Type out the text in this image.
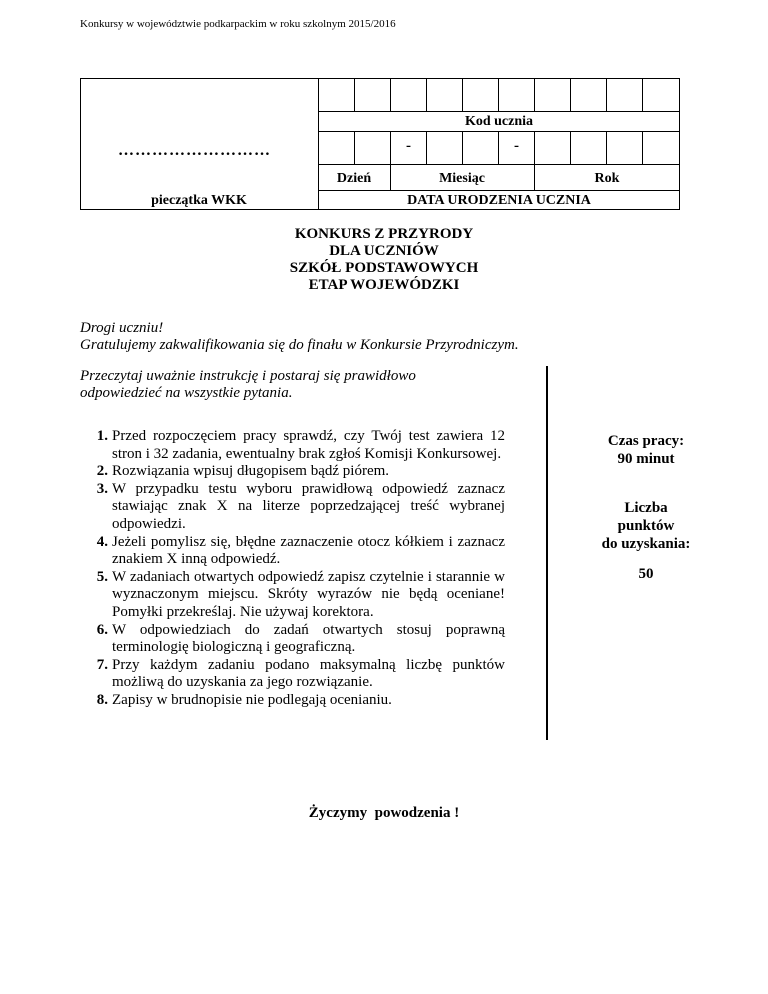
Konkursy w województwie podkarpackim w roku szkolnym 2015/2016
Kod ucznia
-	-
Dzień	Miesiąc	Rok
DATA URODZENIA UCZNIA
………………………
pieczątka WKK
KONKURS Z PRZYRODY
DLA UCZNIÓW
SZKÓŁ PODSTAWOWYCH
ETAP WOJEWÓDZKI
Drogi uczniu!
Gratulujemy zakwalifikowania się do finału w Konkursie Przyrodniczym.
Przeczytaj uważnie instrukcję i postaraj się prawidłowo
odpowiedzieć na wszystkie pytania.
1. Przed rozpoczęciem pracy sprawdź, czy Twój test zawiera 12 stron i 32 zadania, ewentualny brak zgłoś Komisji Konkursowej.
2. Rozwiązania wpisuj długopisem bądź piórem.
3. W przypadku testu wyboru prawidłową odpowiedź zaznacz stawiając znak X na literze poprzedzającej treść wybranej odpowiedzi.
4. Jeżeli pomylisz się, błędne zaznaczenie otocz kółkiem i zaznacz znakiem X inną odpowiedź.
5. W zadaniach otwartych odpowiedź zapisz czytelnie i starannie w wyznaczonym miejscu. Skróty wyrazów nie będą oceniane! Pomyłki przekreślaj. Nie używaj korektora.
6. W odpowiedziach do zadań otwartych stosuj poprawną terminologię biologiczną i geograficzną.
7. Przy każdym zadaniu podano maksymalną liczbę punktów możliwą do uzyskania za jego rozwiązanie.
8. Zapisy w brudnopisie nie podlegają ocenianiu.
Czas pracy:
90 minut
Liczba
punktów
do uzyskania:
50
Życzymy  powodzenia !
